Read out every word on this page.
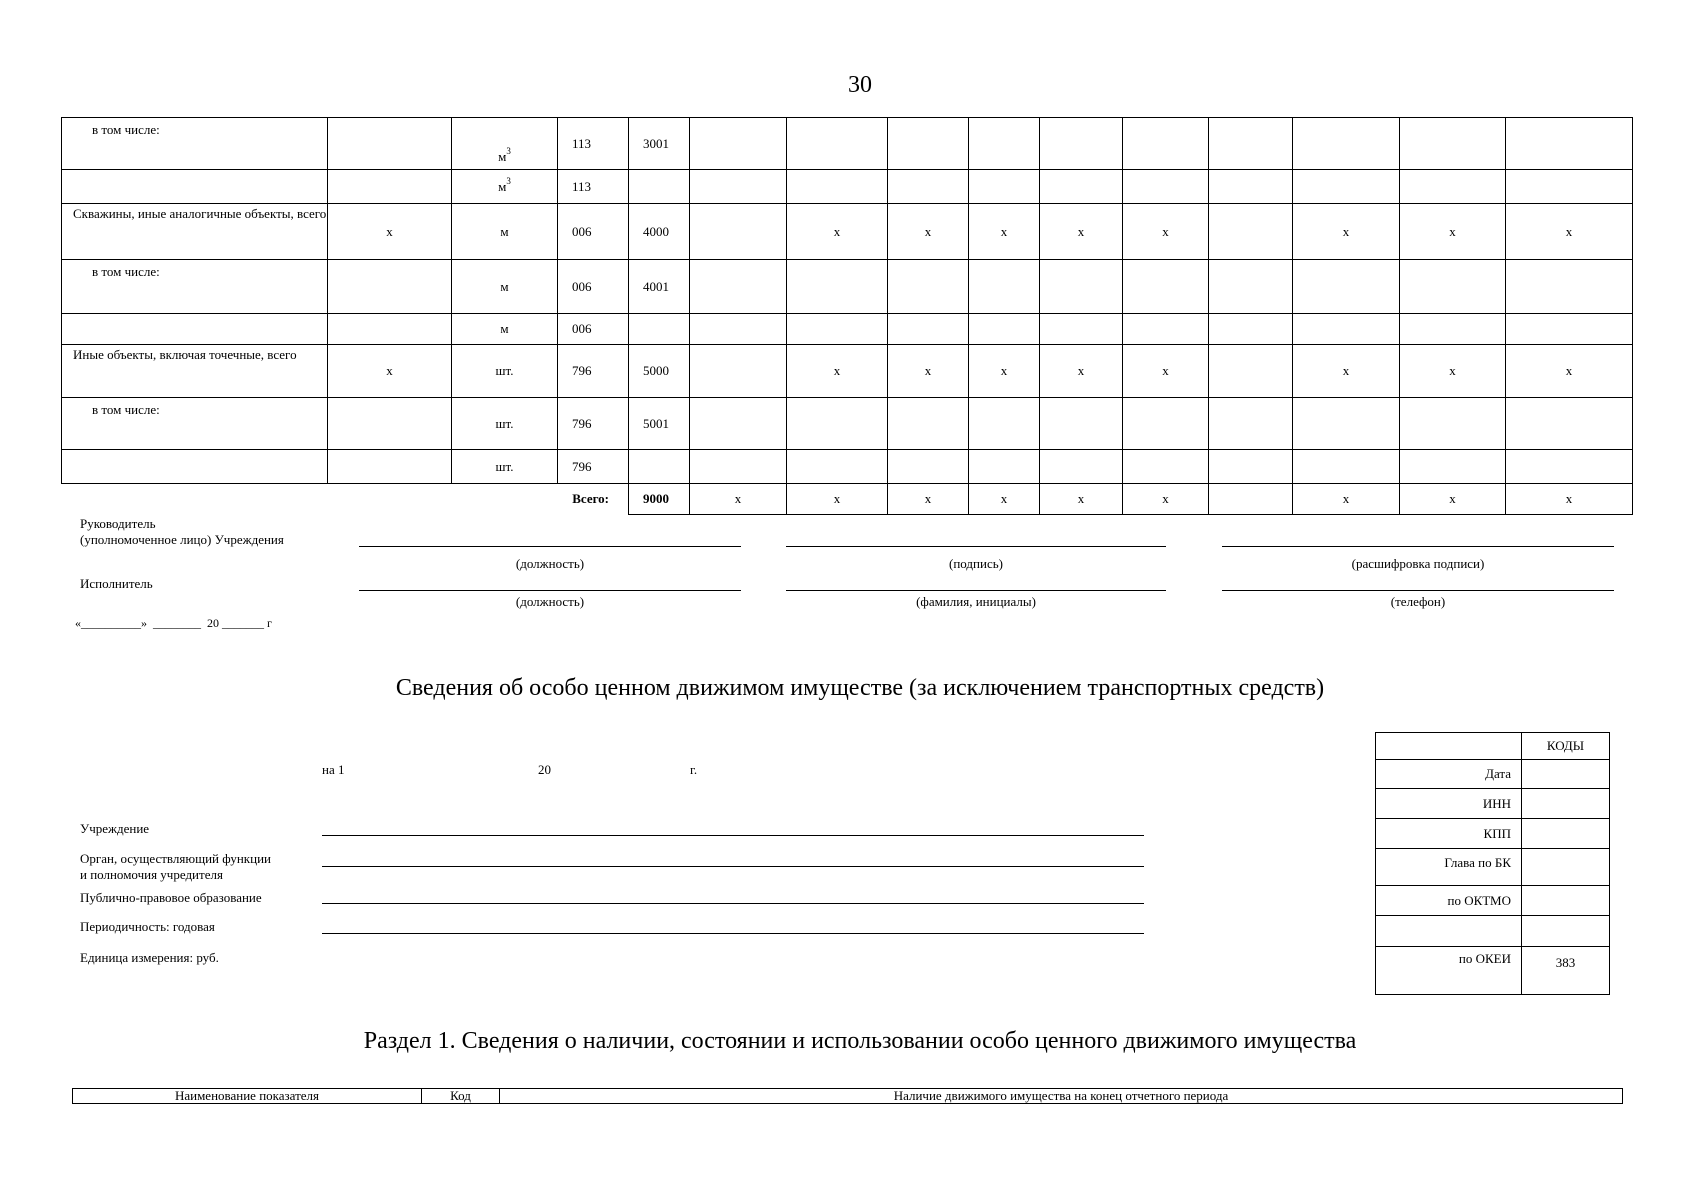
30
в том числе:		$м^3$	113	3001										
		$м^3$	113											
Скважины, иные аналогичные объекты, всего	х	м	006	4000		х	х	х	х	х		х	х	х
в том числе:		м	006	4001										
		м	006											
Иные объекты, включая точечные, всего	х	шт.	796	5000		х	х	х	х	х		х	х	х
в том числе:		шт.	796	5001										
		шт.	796											
			Всего:	9000	х	х	х	х	х	х		х	х	х
Руководитель
(уполномоченное лицо) Учреждения
(должность)	(подпись)	(расшифровка подписи)
Исполнитель
(должность)	(фамилия, инициалы)	(телефон)
«__________»  ________  20 _______ г
Сведения об особо ценном движимом имуществе (за исключением транспортных средств)
на 1	20	г.
Учреждение
Орган, осуществляющий функции
и полномочия учредителя
Публично-правовое образование
Периодичность: годовая
Единица измерения: руб.
	КОДЫ
Дата	
ИНН	
КПП	
Глава по БК	
по ОКТМО	

по ОКЕИ	383
Раздел 1. Сведения о наличии, состоянии и использовании особо ценного движимого имущества
Наименование показателя	Код	Наличие движимого имущества на конец отчетного периода
